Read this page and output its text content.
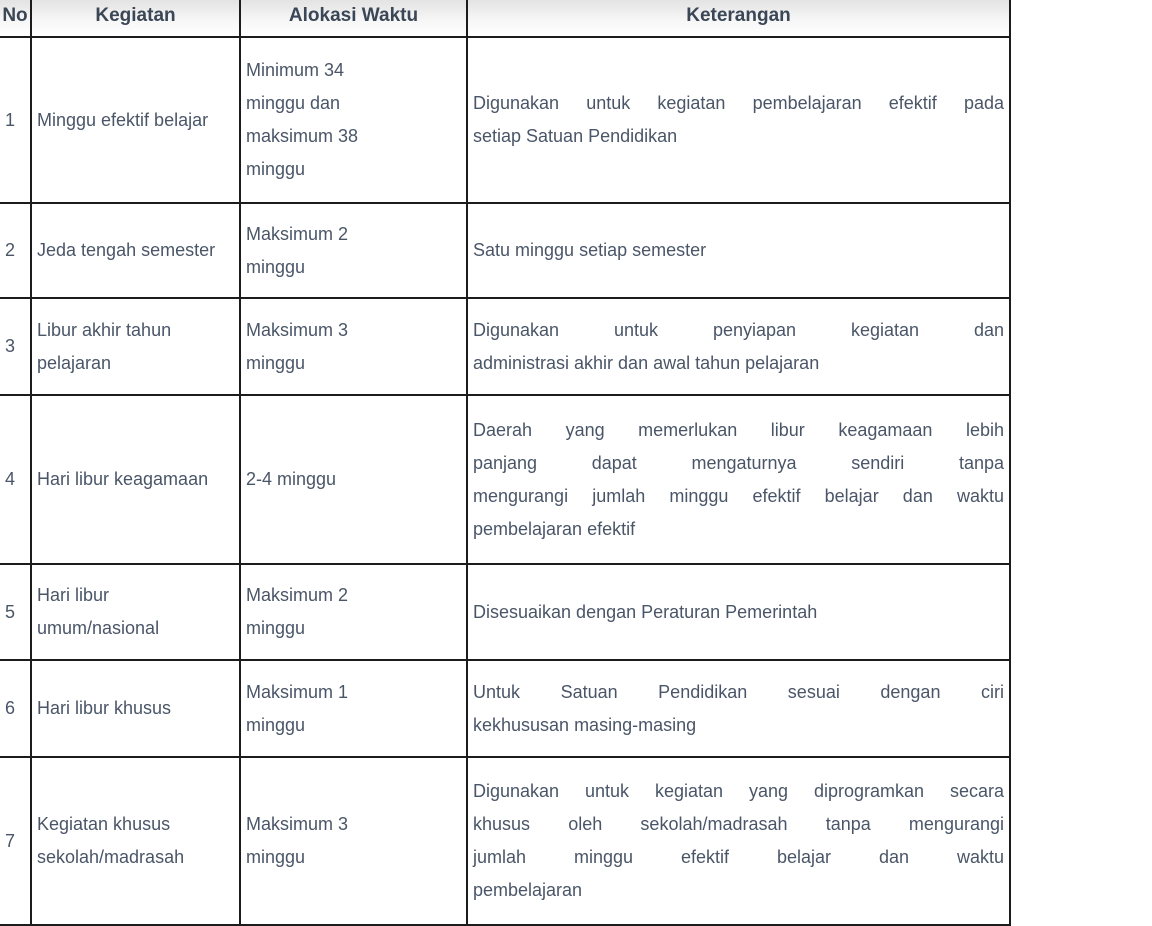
No	Kegiatan	Alokasi Waktu	Keterangan
1	Minggu efektif belajar	Minimum 34
minggu dan
maksimum 38
minggu	Digunakan untuk kegiatan pembelajaran efektif pada
setiap Satuan Pendidikan

2	Jeda tengah semester	Maksimum 2
minggu	Satu minggu setiap semester

3	Libur akhir tahun
pelajaran	Maksimum 3
minggu	Digunakan untuk penyiapan kegiatan dan
administrasi akhir dan awal tahun pelajaran

4	Hari libur keagamaan	2-4 minggu	Daerah yang memerlukan libur keagamaan lebih
panjang dapat mengaturnya sendiri tanpa
mengurangi jumlah minggu efektif belajar dan waktu
pembelajaran efektif

5	Hari libur
umum/nasional	Maksimum 2
minggu	Disesuaikan dengan Peraturan Pemerintah

6	Hari libur khusus	Maksimum 1
minggu	Untuk Satuan Pendidikan sesuai dengan ciri
kekhususan masing-masing

7	Kegiatan khusus
sekolah/madrasah	Maksimum 3
minggu	Digunakan untuk kegiatan yang diprogramkan secara
khusus oleh sekolah/madrasah tanpa mengurangi
jumlah minggu efektif belajar dan waktu
pembelajaran
